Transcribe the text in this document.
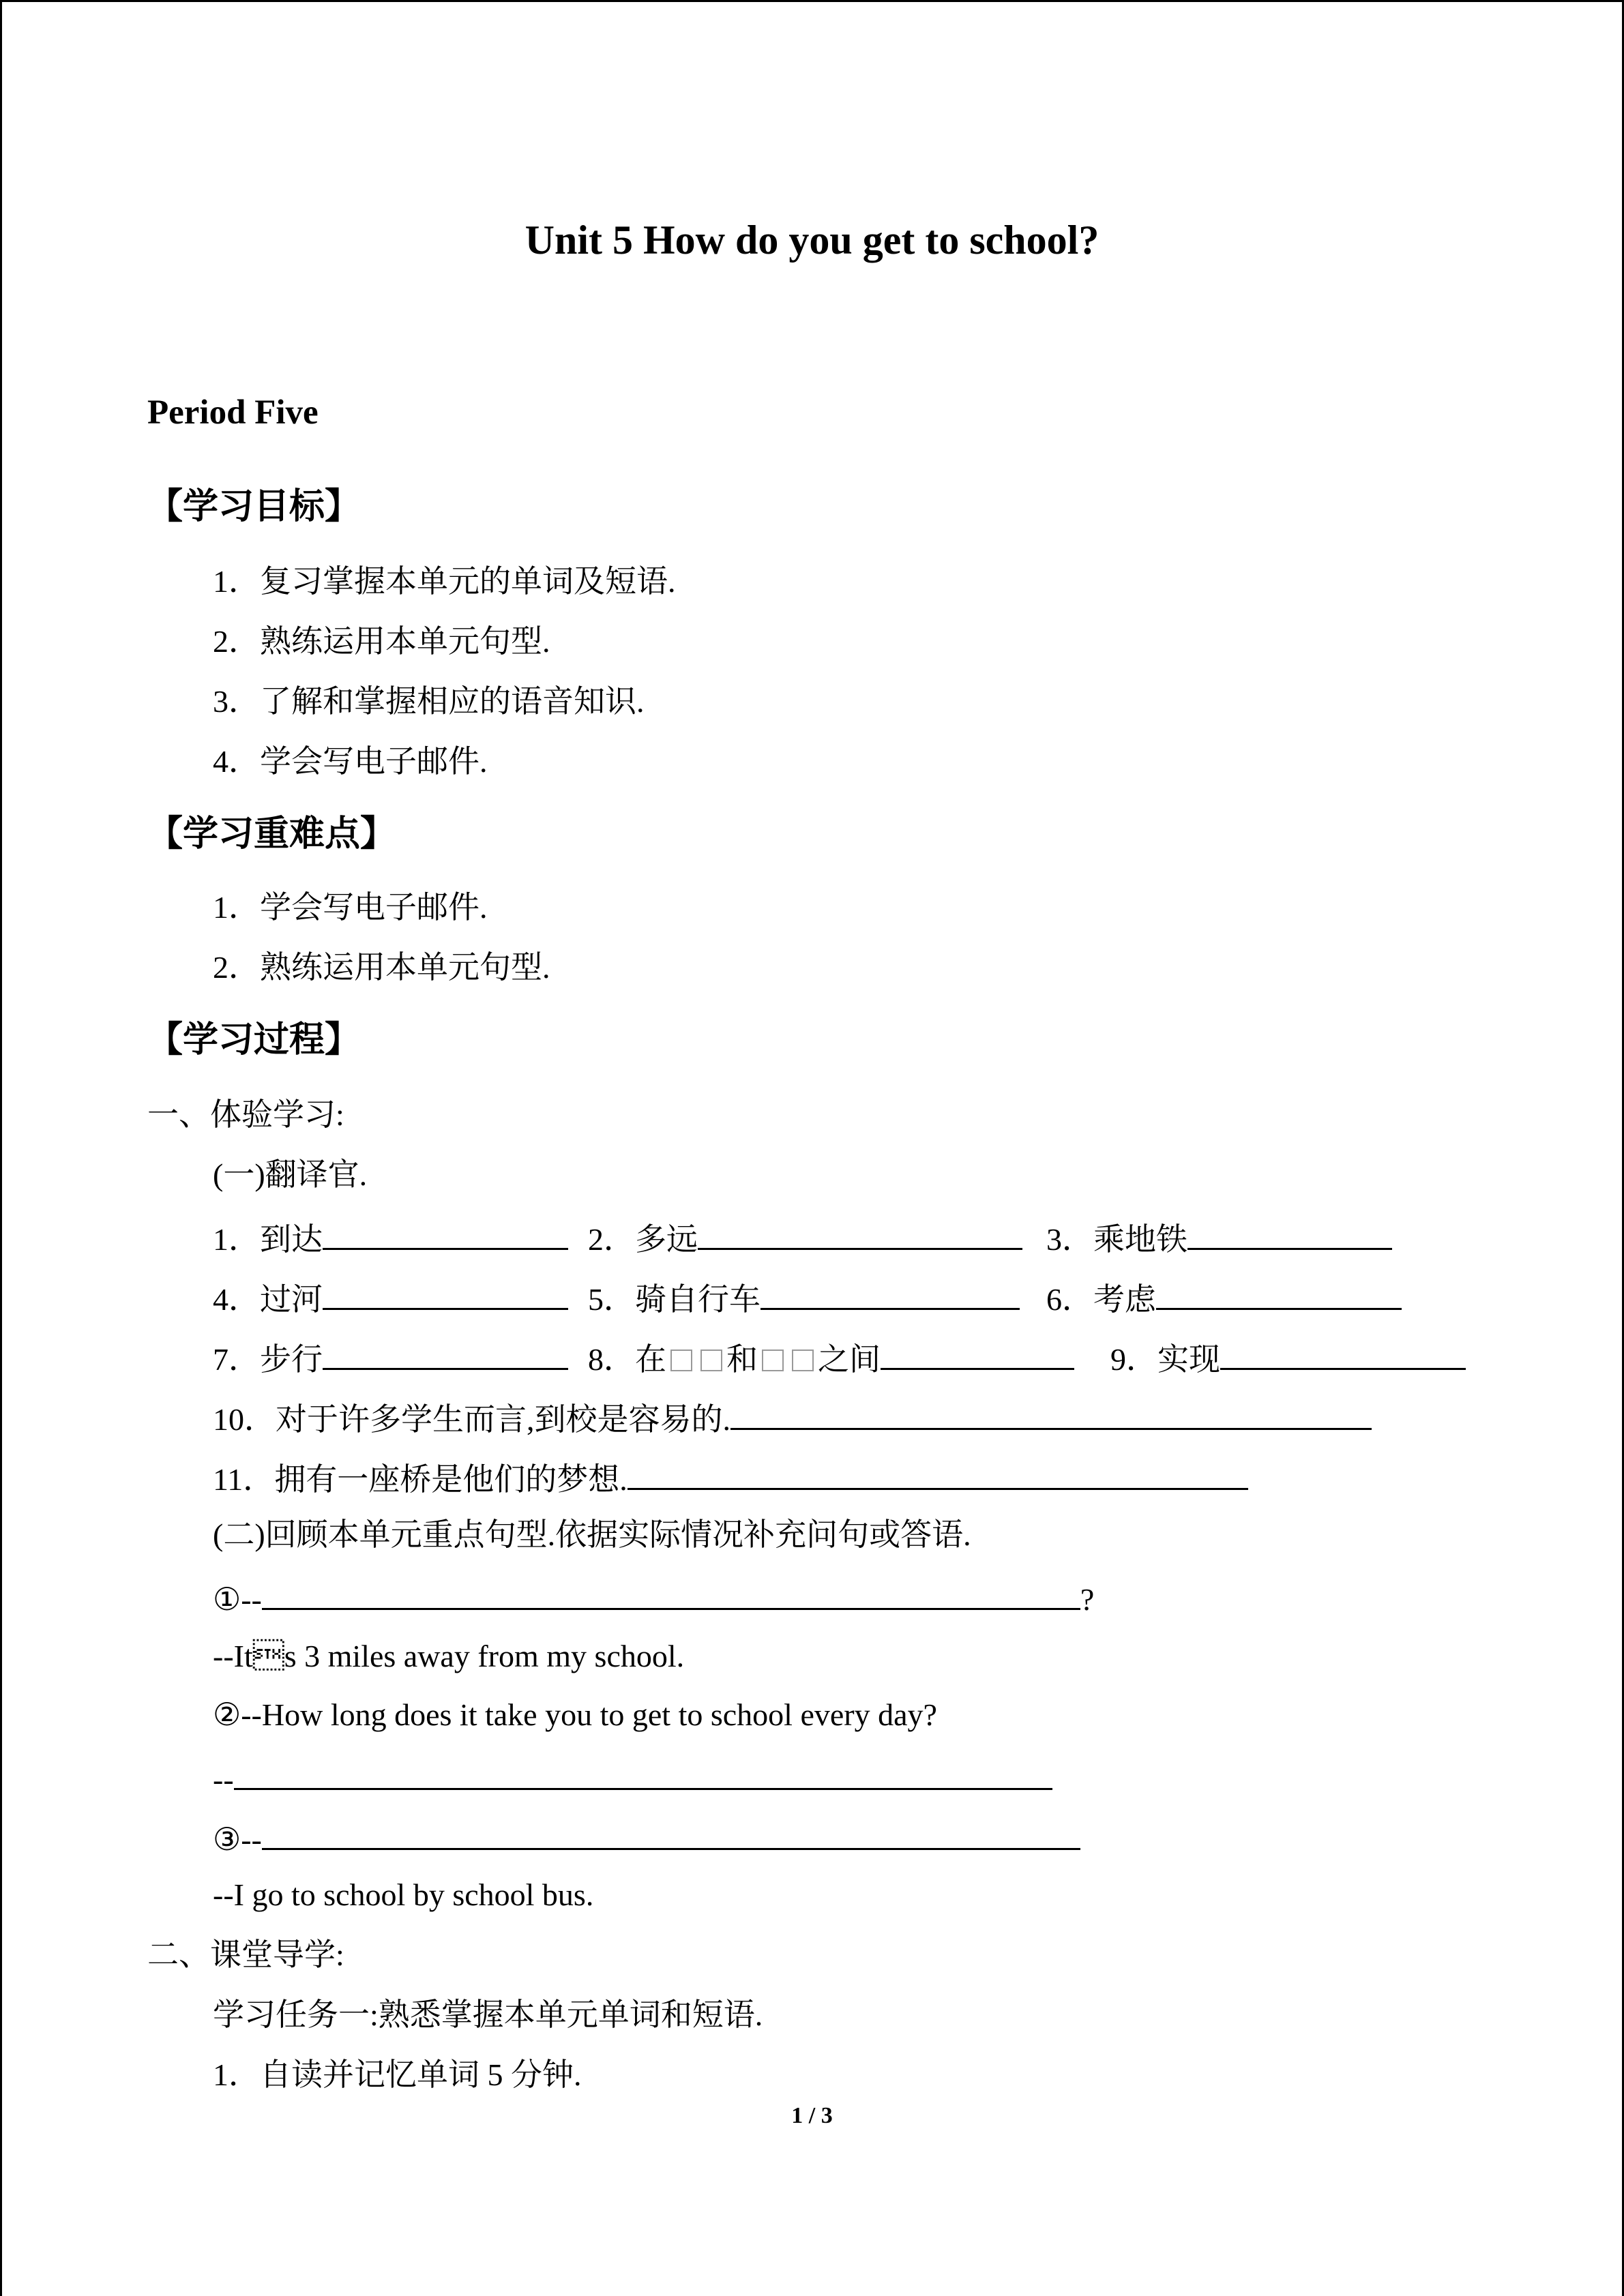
Unit 5 How do you get to school?
Period Five
【学习目标】
1．复习掌握本单元的单词及短语.
2．熟练运用本单元句型.
3．了解和掌握相应的语音知识.
4．学会写电子邮件.
【学习重难点】
1．学会写电子邮件.
2．熟练运用本单元句型.
【学习过程】
一、体验学习:
(一)翻译官.
1．到达	2．多远	3．乘地铁
4．过河	5．骑自行车	6．考虑
7．步行	8．在 和 之间	9．实现
10．对于许多学生而言,到校是容易的.
11．拥有一座桥是他们的梦想.
(二)回顾本单元重点句型.依据实际情况补充问句或答语.
①--	?
--Its 3 miles away from my school.
②--How long does it take you to get to school every day?
--
③--
--I go to school by school bus.
二、课堂导学:
学习任务一:熟悉掌握本单元单词和短语.
1．自读并记忆单词 5 分钟.
1 / 3
